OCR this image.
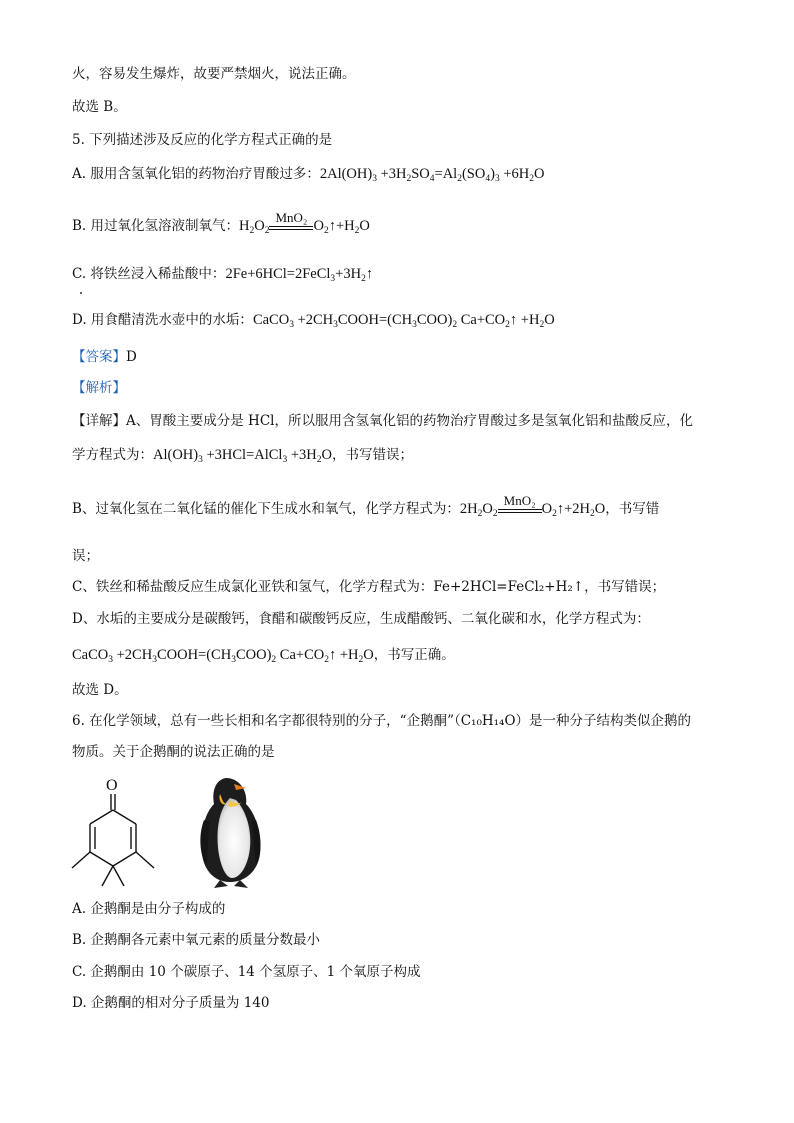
火，容易发生爆炸，故要严禁烟火，说法正确。
故选 B。
5. 下列描述涉及反应的化学方程式正确的是
A. 服用含氢氧化铝的药物治疗胃酸过多：$2Al(OH)_3 +3H_2SO_4=Al_2(SO_4)_3 +6H_2O$
B. 用过氧化氢溶液制氧气：$H_2O_2$
MnO₂
$O_2↑+H_2O$
C. 将铁丝浸入稀盐酸中：$2Fe+6HCl=2FeCl_3+3H_2↑$
D. 用食醋清洗水壶中的水垢：CaCO$_3$ $+2CH_3COOH=(CH_3COO)_2$ $Ca+CO_2↑ +H_2O$
【答案】D
【解析】
【详解】A、胃酸主要成分是 HCl，所以服用含氢氧化铝的药物治疗胃酸过多是氢氧化铝和盐酸反应，化
学方程式为：$Al(OH)_3$ +3HCl=AlCl$_3$ $+3H_2O$，书写错误；
B、过氧化氢在二氧化锰的催化下生成水和氧气，化学方程式为：$2H_2O_2$
MnO₂
$O_2↑+2H_2O$，书写错
误；
C、铁丝和稀盐酸反应生成氯化亚铁和氢气，化学方程式为：Fe+2HCl=FeCl₂+H₂↑，书写错误；
D、水垢的主要成分是碳酸钙，食醋和碳酸钙反应，生成醋酸钙、二氧化碳和水，化学方程式为：
CaCO$_3$ $+2CH_3COOH=(CH_3COO)_2$ $Ca+CO_2↑ +H_2O$，书写正确。
故选 D。
6. 在化学领域，总有一些长相和名字都很特别的分子，“企鹅酮”（C₁₀H₁₄O）是一种分子结构类似企鹅的
物质。关于企鹅酮的说法正确的是
O
A. 企鹅酮是由分子构成的
B. 企鹅酮各元素中氧元素的质量分数最小
C. 企鹅酮由 10 个碳原子、14 个氢原子、1 个氧原子构成
D. 企鹅酮的相对分子质量为 140
